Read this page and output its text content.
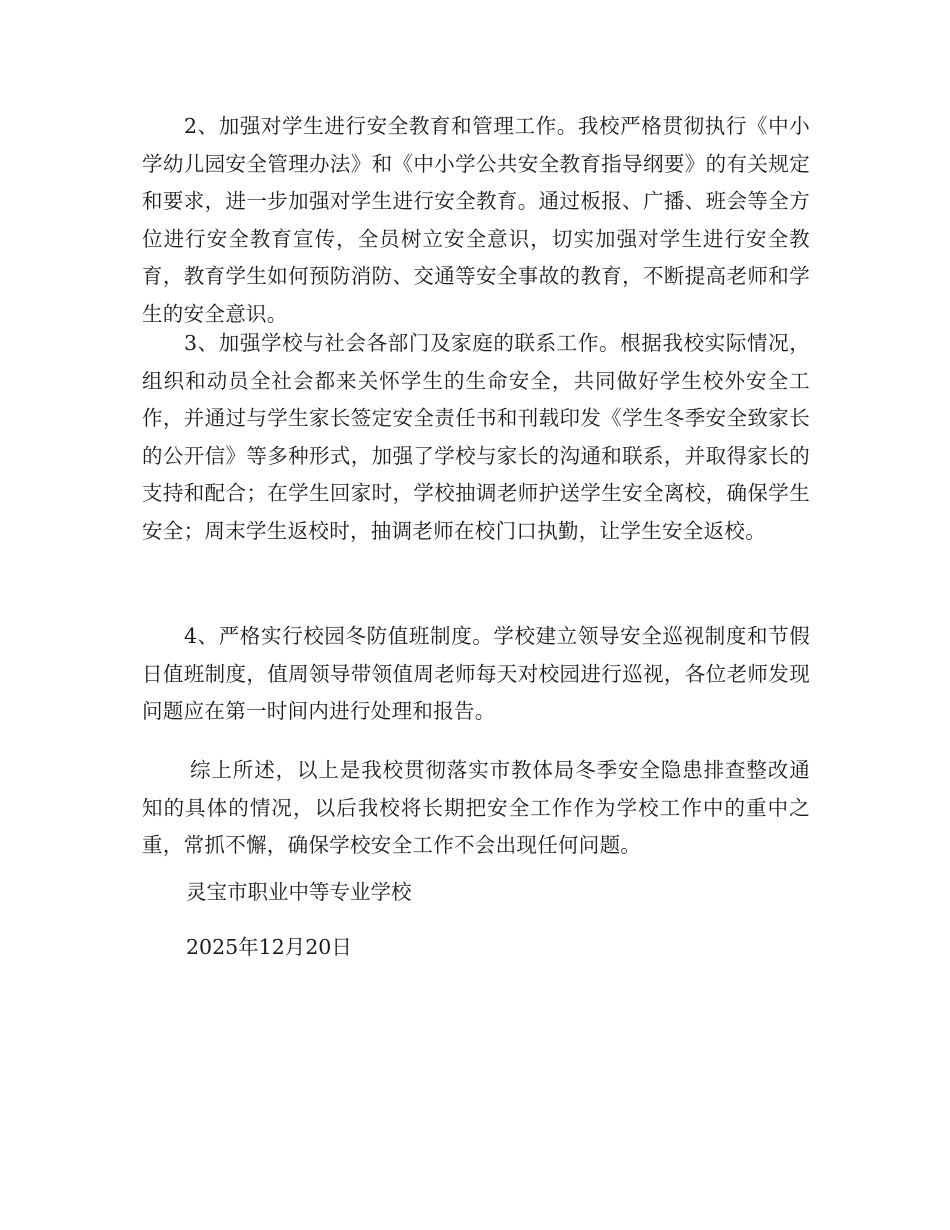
2、加强对学生进行安全教育和管理工作。我校严格贯彻执行《中小学幼儿园安全管理办法》和《中小学公共安全教育指导纲要》的有关规定和要求，进一步加强对学生进行安全教育。通过板报、广播、班会等全方位进行安全教育宣传，全员树立安全意识，切实加强对学生进行安全教育，教育学生如何预防消防、交通等安全事故的教育，不断提高老师和学生的安全意识。

3、加强学校与社会各部门及家庭的联系工作。根据我校实际情况，组织和动员全社会都来关怀学生的生命安全，共同做好学生校外安全工作，并通过与学生家长签定安全责任书和刊载印发《学生冬季安全致家长的公开信》等多种形式，加强了学校与家长的沟通和联系，并取得家长的支持和配合；在学生回家时，学校抽调老师护送学生安全离校，确保学生安全；周末学生返校时，抽调老师在校门口执勤，让学生安全返校。

4、严格实行校园冬防值班制度。学校建立领导安全巡视制度和节假日值班制度，值周领导带领值周老师每天对校园进行巡视，各位老师发现问题应在第一时间内进行处理和报告。

综上所述，以上是我校贯彻落实市教体局冬季安全隐患排查整改通知的具体的情况，以后我校将长期把安全工作作为学校工作中的重中之重，常抓不懈，确保学校安全工作不会出现任何问题。

灵宝市职业中等专业学校

2025年12月20日
